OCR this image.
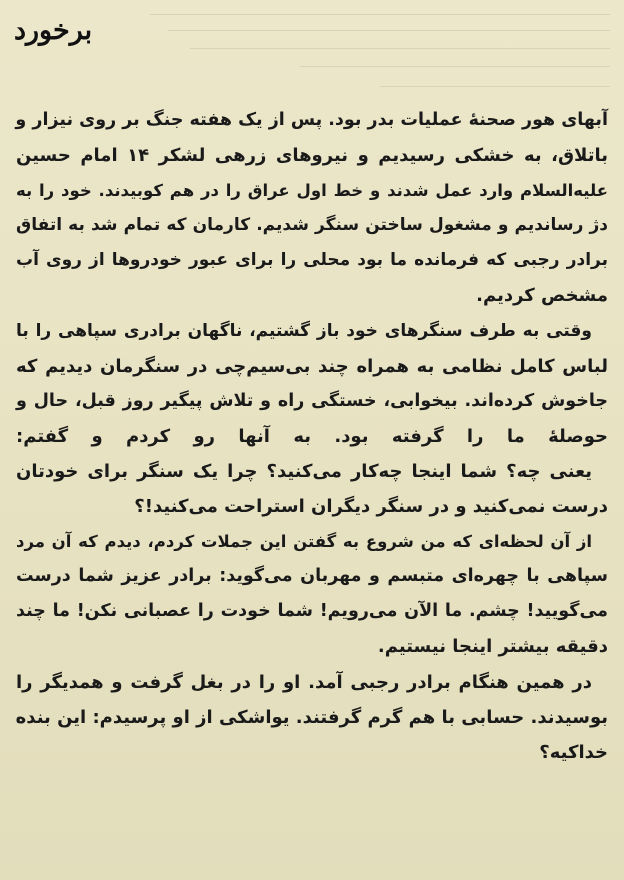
برخورد
آبهای هور صحنهٔ عملیات بدر بود. پس از یک هفته جنگ بر روی نیزار و
باتلاق، به خشکی رسیدیم و نیروهای زرهی لشکر ۱۴ امام حسین
علیه‌السلام وارد عمل شدند و خط اول عراق را در هم کوبیدند. خود را به
دژ رساندیم و مشغول ساختن سنگر شدیم. کارمان که تمام شد به اتفاق
برادر رجبی که فرمانده ما بود محلی را برای عبور خودروها از روی آب
مشخص کردیم.
وقتی به طرف سنگرهای خود باز گشتیم، ناگهان برادری سپاهی را با
لباس کامل نظامی به همراه چند بی‌سیم‌چی در سنگرمان دیدیم که
جاخوش کرده‌اند. بیخوابی، خستگی راه و تلاش پیگیر روز قبل، حال و
حوصلهٔ ما را گرفته بود. به آنها رو کردم و گفتم:
یعنی چه؟ شما اینجا چه‌کار می‌کنید؟ چرا یک سنگر برای خودتان
درست نمی‌کنید و در سنگر دیگران استراحت می‌کنید!؟
از آن لحظه‌ای که من شروع به گفتن این جملات کردم، دیدم که آن مرد
سپاهی با چهره‌ای متبسم و مهربان می‌گوید: برادر عزیز شما درست
می‌گویید! چشم. ما الآن می‌رویم! شما خودت را عصبانی نکن! ما چند
دقیقه بیشتر اینجا نیستیم.
در همین هنگام برادر رجبی آمد. او را در بغل گرفت و همدیگر را
بوسیدند. حسابی با هم گرم گرفتند. یواشکی از او پرسیدم: این بنده
خداکیه؟
